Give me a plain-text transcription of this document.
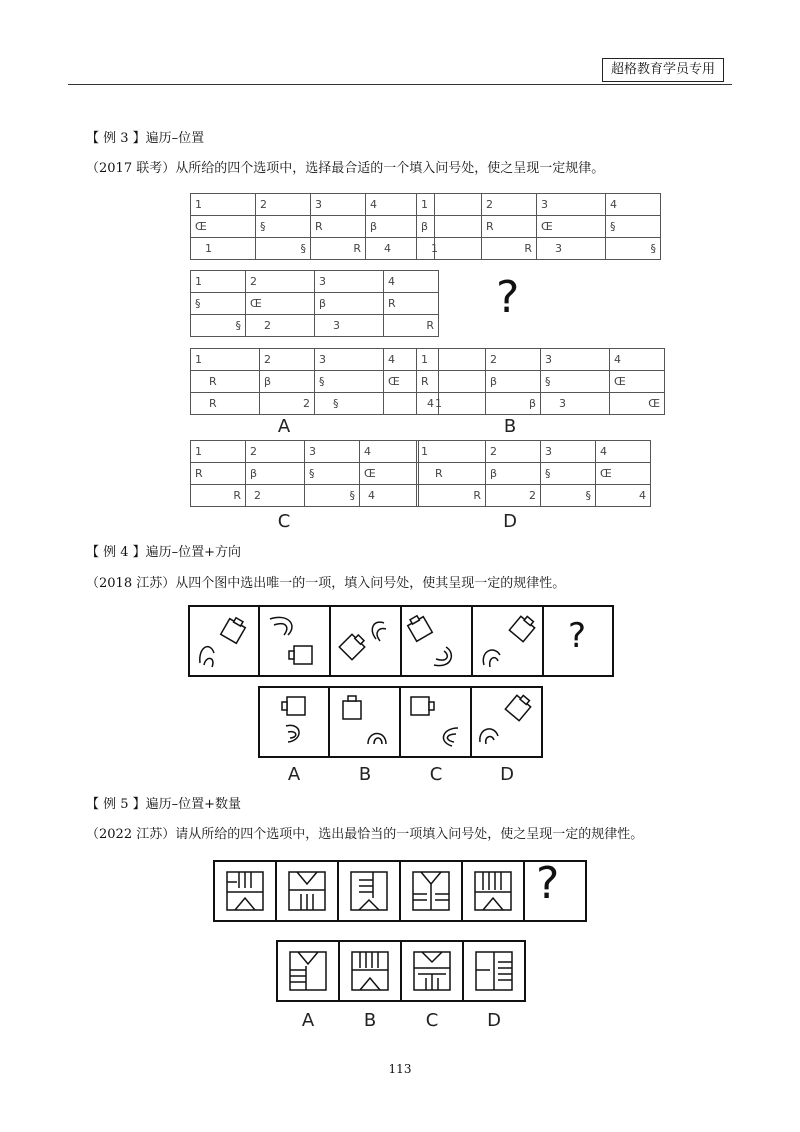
超格教育学员专用
【 例 3 】遍历–位置
（2017 联考）从所给的四个选项中，选择最合适的一个填入问号处，使之呈现一定规律。
1	2	3	4
Œ	§	R	β
1	§	R	4
1	2	3	4
β	R	Œ	§
1	R	3	§
1	2	3	4
§	Œ	β	R
§	2	3	R
?
1	2	3	4
R	β	§	Œ
R	2	§	4
A
1	2	3	4
R	β	§	Œ
1	β	3	Œ
B
1	2	3	4
R	β	§	Œ
R	2	§	4
C
1	2	3	4
R	β	§	Œ
R	2	§	4
D
【 例 4 】遍历–位置+方向
（2018 江苏）从四个图中选出唯一的一项，填入问号处，使其呈现一定的规律性。
?
A	B	C	D
【 例 5 】遍历–位置+数量
（2022 江苏）请从所给的四个选项中，选出最恰当的一项填入问号处，使之呈现一定的规律性。
?
A	B	C	D
113
